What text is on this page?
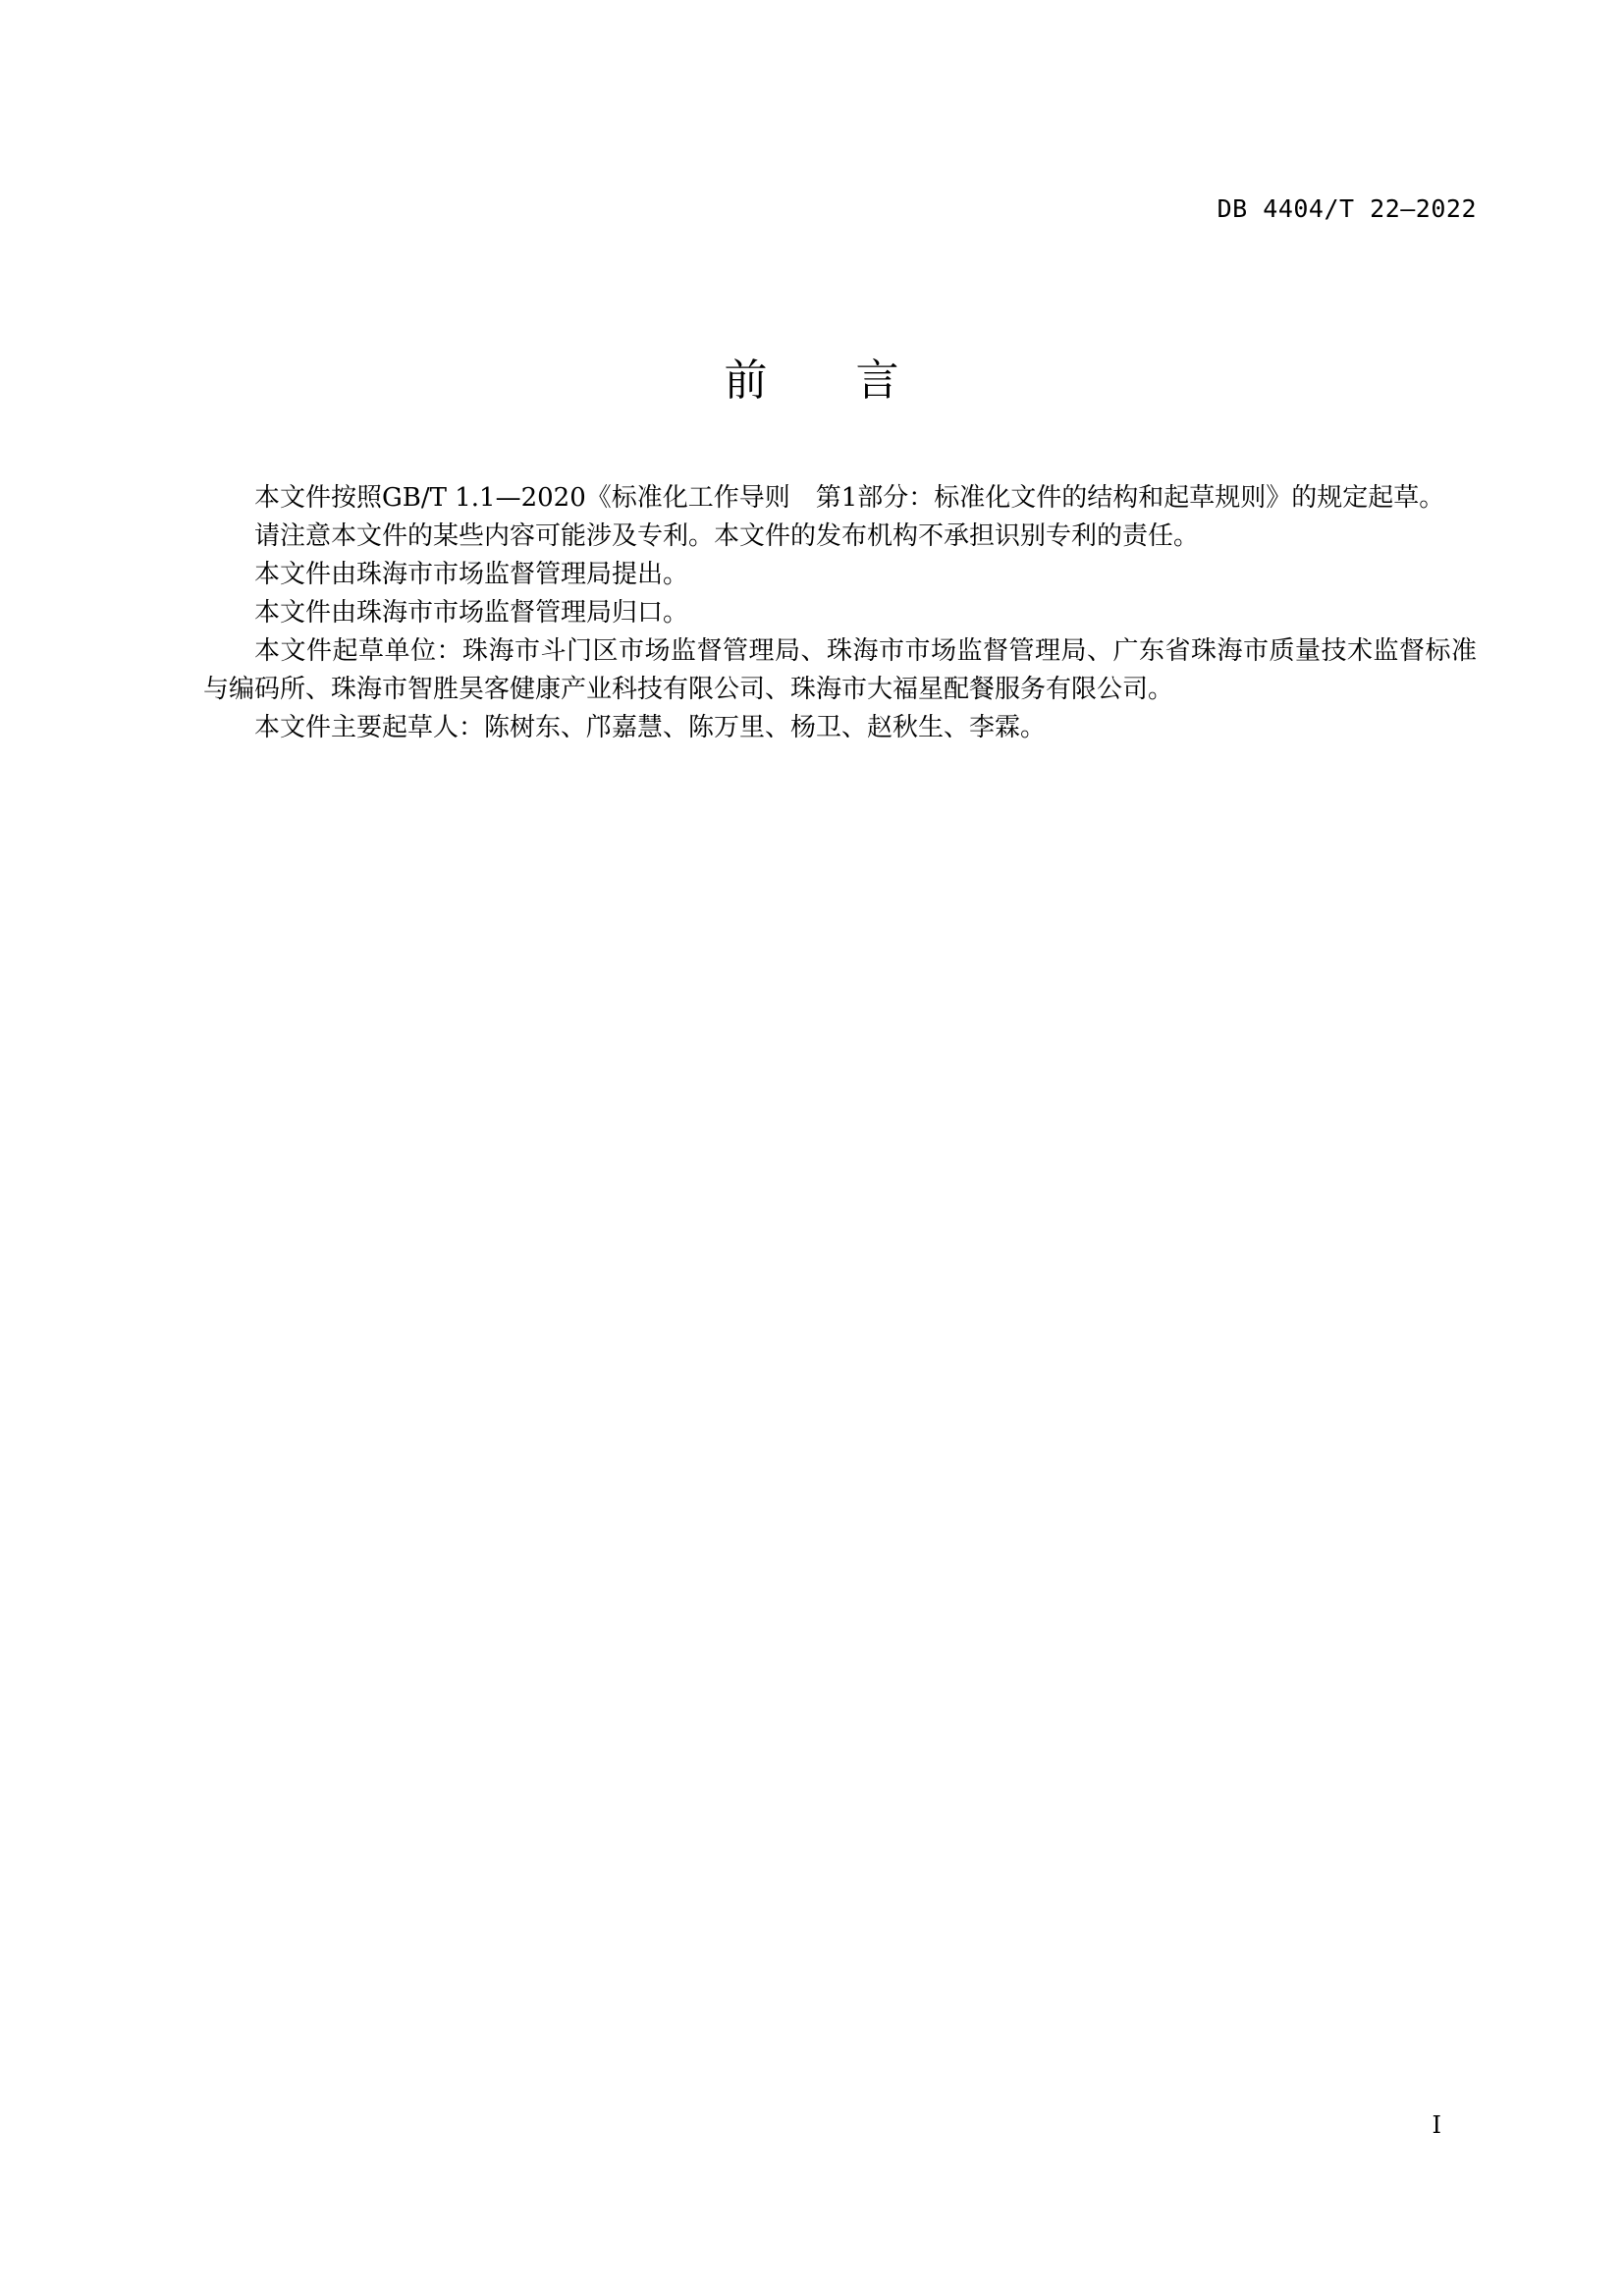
DB 4404/T 22—2022
前 言

本文件按照GB/T 1.1—2020《标准化工作导则　第1部分：标准化文件的结构和起草规则》的规定起草。

请注意本文件的某些内容可能涉及专利。本文件的发布机构不承担识别专利的责任。

本文件由珠海市市场监督管理局提出。

本文件由珠海市市场监督管理局归口。

本文件起草单位：珠海市斗门区市场监督管理局、珠海市市场监督管理局、广东省珠海市质量技术监督标准与编码所、珠海市智胜昊客健康产业科技有限公司、珠海市大福星配餐服务有限公司。

本文件主要起草人：陈树东、邝嘉慧、陈万里、杨卫、赵秋生、李霖。

I
